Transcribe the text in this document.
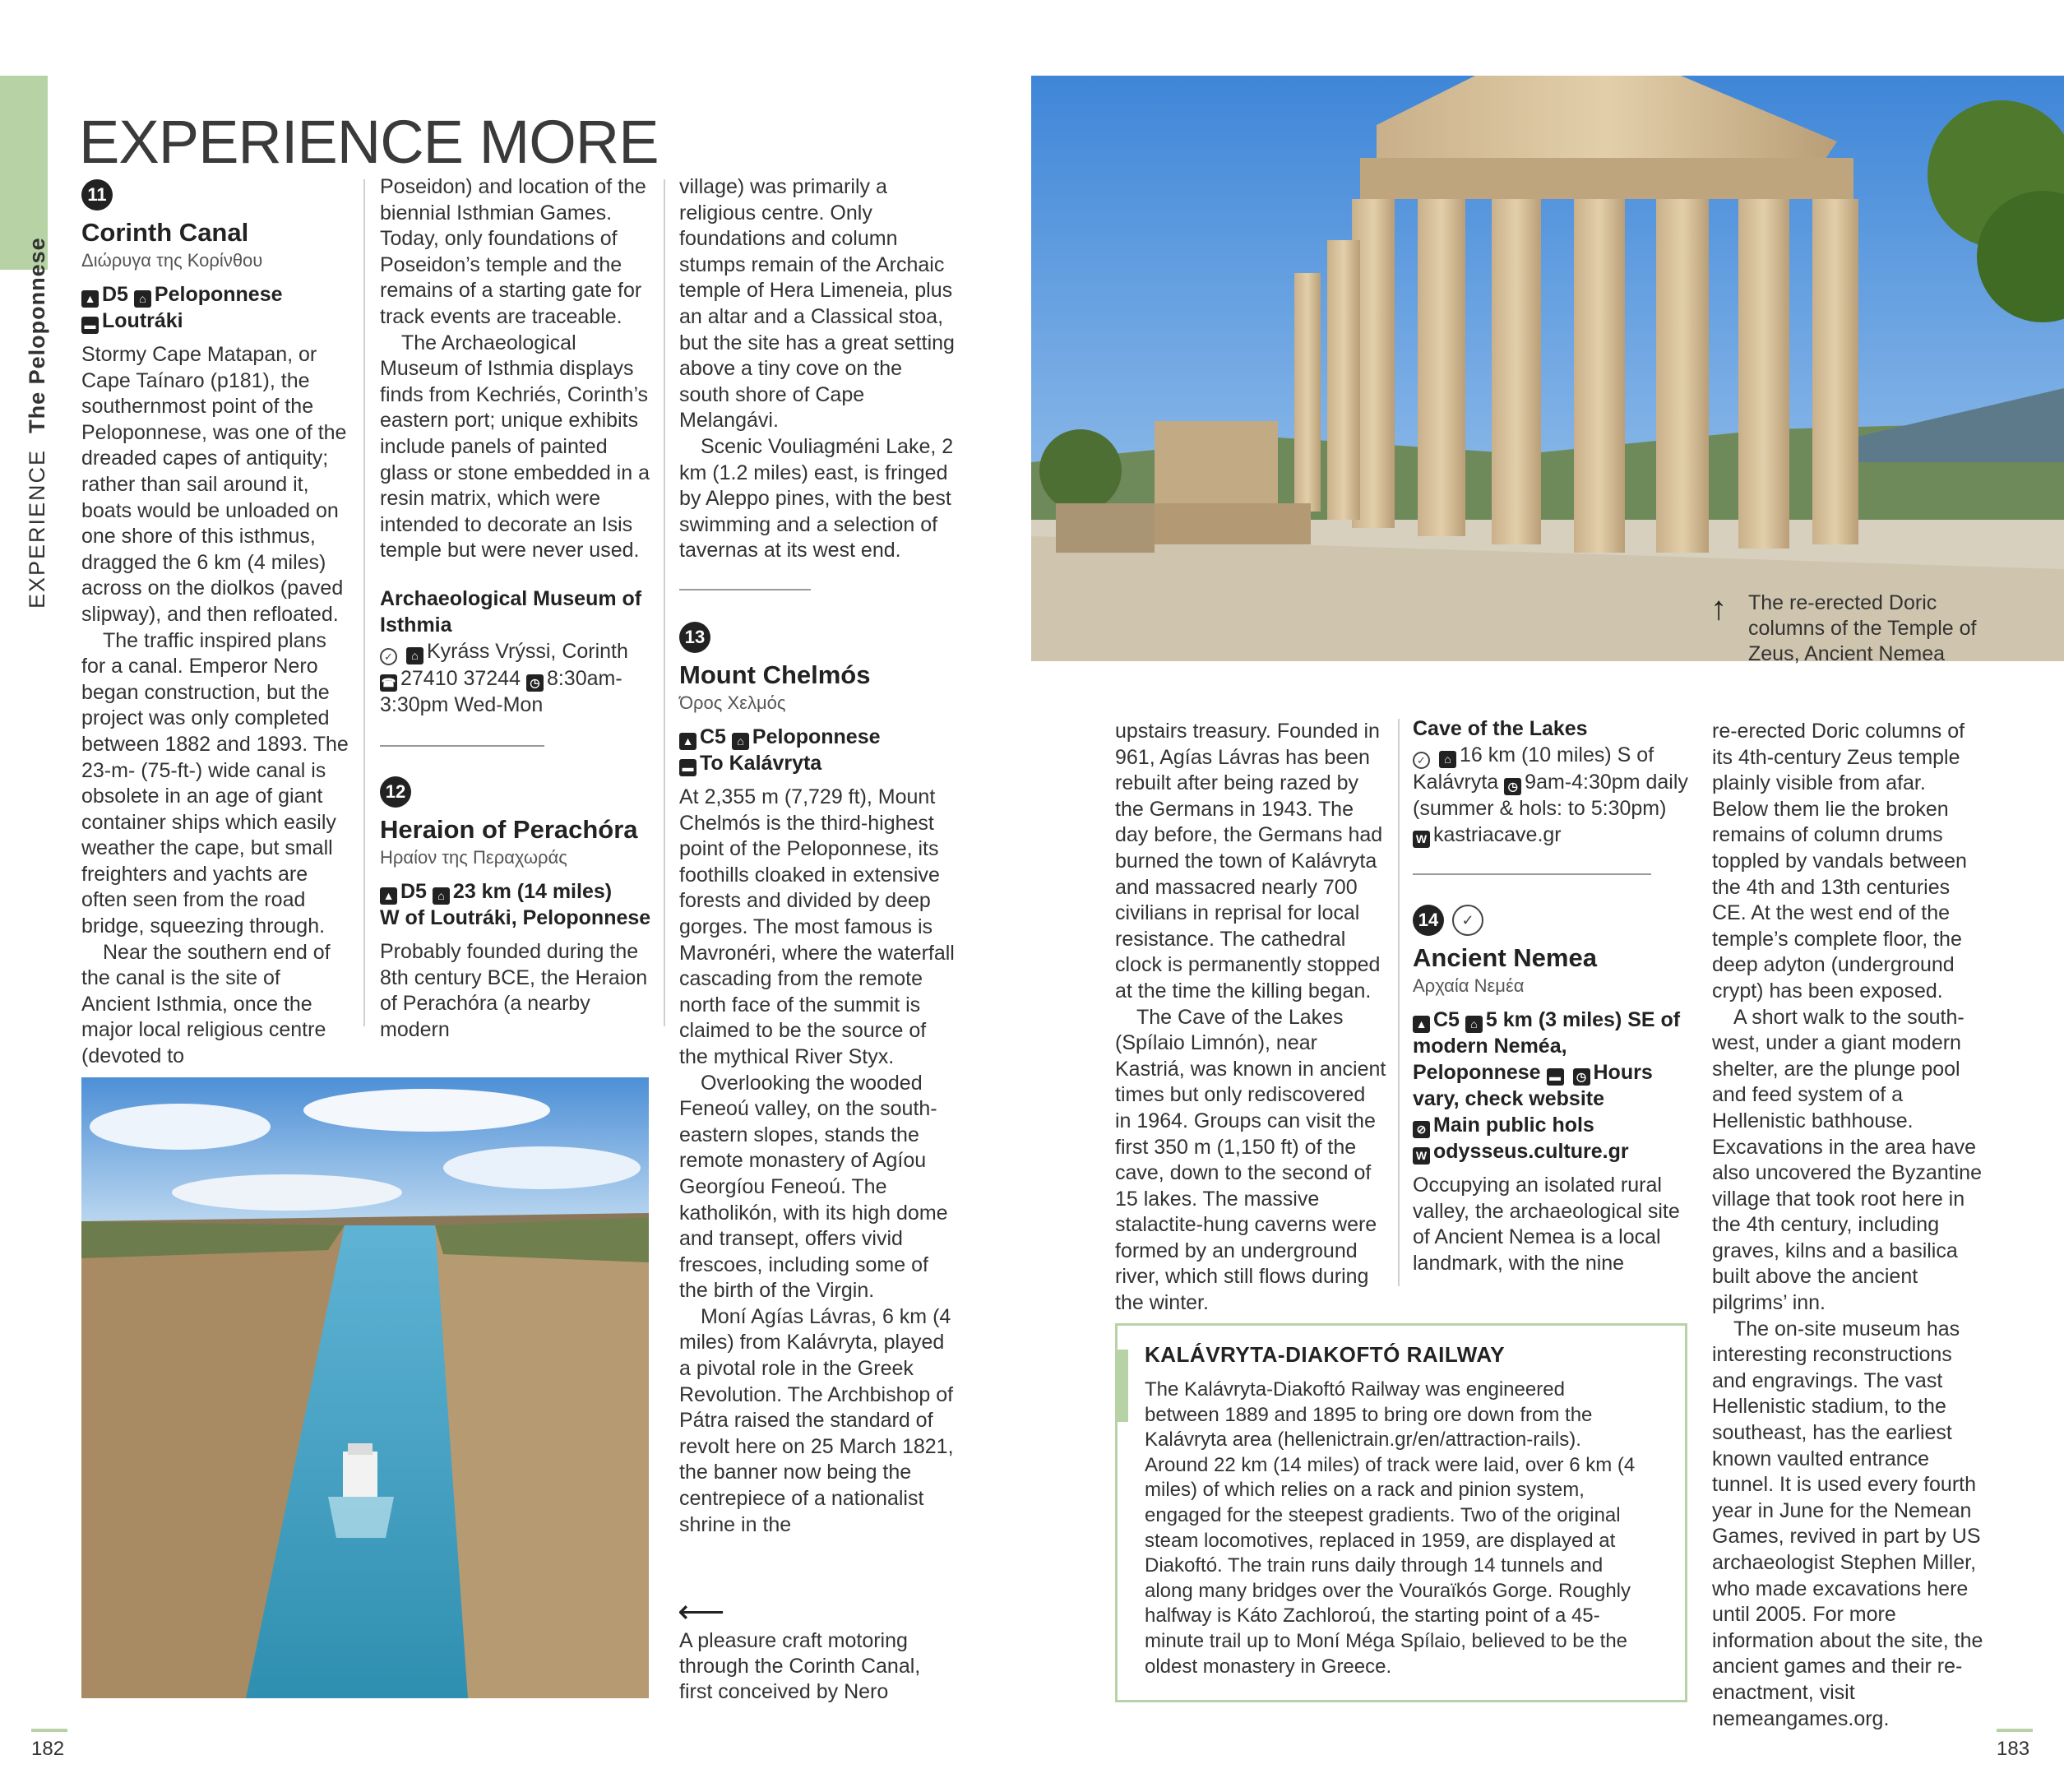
EXPERIENCE  The Peloponnese
EXPERIENCE MORE
11
Corinth Canal
Διώρυγα της Κορίνθου
▲ D5 ⌂ Peloponnese
▬ Loutráki

Stormy Cape Matapan, or Cape Taínaro (p181), the southernmost point of the Peloponnese, was one of the dreaded capes of antiquity; rather than sail around it, boats would be unloaded on one shore of this isthmus, dragged the 6 km (4 miles) across on the diolkos (paved slipway), and then refloated.

The traffic inspired plans for a canal. Emperor Nero began construction, but the project was only completed between 1882 and 1893. The 23-m- (75-ft-) wide canal is obsolete in an age of giant container ships which easily weather the cape, but small freighters and yachts are often seen from the road bridge, squeezing through.

Near the southern end of the canal is the site of Ancient Isthmia, once the major local religious centre (devoted to

Poseidon) and location of the biennial Isthmian Games. Today, only foundations of Poseidon’s temple and the remains of a starting gate for track events are traceable.

The Archaeological Museum of Isthmia displays finds from Kechriés, Corinth’s eastern port; unique exhibits include panels of painted glass or stone embedded in a resin matrix, which were intended to decorate an Isis temple but were never used.

Archaeological Museum of Isthmia
✓ ⌂ Kyráss Vrýssi, Corinth
☎ 27410 37244 ◷ 8:30am-3:30pm Wed-Mon
12
Heraion of Perachóra
Ηραίον της Περαχωράς
▲ D5 ⌂ 23 km (14 miles)
W of Loutráki, Peloponnese

Probably founded during the 8th century BCE, the Heraion of Perachóra (a nearby modern

village) was primarily a religious centre. Only foundations and column stumps remain of the Archaic temple of Hera Limeneia, plus an altar and a Classical stoa, but the site has a great setting above a tiny cove on the south shore of Cape Melangávi.

Scenic Vouliagméni Lake, 2 km (1.2 miles) east, is fringed by Aleppo pines, with the best swimming and a selection of tavernas at its west end.

13
Mount Chelmós
Όρος Χελμός
▲ C5 ⌂ Peloponnese
▬ To Kalávryta

At 2,355 m (7,729 ft), Mount Chelmós is the third-highest point of the Peloponnese, its foothills cloaked in extensive forests and divided by deep gorges. The most famous is Mavronéri, where the waterfall cascading from the remote north face of the summit is claimed to be the source of the mythical River Styx.

Overlooking the wooded Feneoú valley, on the south-eastern slopes, stands the remote monastery of Agíou Georgíou Feneoú. The katholikón, with its high dome and transept, offers vivid frescoes, including some of the birth of the Virgin.

Moní Agías Lávras, 6 km (4 miles) from Kalávryta, played a pivotal role in the Greek Revolution. The Archbishop of Pátra raised the standard of revolt here on 25 March 1821, the banner now being the centrepiece of a nationalist shrine in the

⟵
A pleasure craft motoring through the Corinth Canal, first conceived by Nero
↑ The re-erected Doric columns of the Temple of Zeus, Ancient Nemea

upstairs treasury. Founded in 961, Agías Lávras has been rebuilt after being razed by the Germans in 1943. The day before, the Germans had burned the town of Kalávryta and massacred nearly 700 civilians in reprisal for local resistance. The cathedral clock is permanently stopped at the time the killing began.

The Cave of the Lakes (Spílaio Limnón), near Kastriá, was known in ancient times but only rediscovered in 1964. Groups can visit the first 350 m (1,150 ft) of the cave, down to the second of 15 lakes. The massive stalactite-hung caverns were formed by an underground river, which still flows during the winter.

Cave of the Lakes
✓ ⌂ 16 km (10 miles) S of Kalávryta ◷ 9am-4:30pm daily (summer & hols: to 5:30pm) W kastriacave.gr
14 ✓
Ancient Nemea
Αρχαία Νεμέα
▲ C5 ⌂ 5 km (3 miles) SE of modern Neméa, Peloponnese ▬ ◷ Hours vary, check website
⊘ Main public hols
W odysseus.culture.gr

Occupying an isolated rural valley, the archaeological site of Ancient Nemea is a local landmark, with the nine

re-erected Doric columns of its 4th-century Zeus temple plainly visible from afar. Below them lie the broken remains of column drums toppled by vandals between the 4th and 13th centuries CE. At the west end of the temple’s complete floor, the deep adyton (underground crypt) has been exposed.

A short walk to the south-west, under a giant modern shelter, are the plunge pool and feed system of a Hellenistic bathhouse. Excavations in the area have also uncovered the Byzantine village that took root here in the 4th century, including graves, kilns and a basilica built above the ancient pilgrims’ inn.

The on-site museum has interesting reconstructions and engravings. The vast Hellenistic stadium, to the southeast, has the earliest known vaulted entrance tunnel. It is used every fourth year in June for the Nemean Games, revived in part by US archaeologist Stephen Miller, who made excavations here until 2005. For more information about the site, the ancient games and their re-enactment, visit nemeangames.org.

KALÁVRYTA-DIAKOFTÓ RAILWAY
The Kalávryta-Diakoftó Railway was engineered between 1889 and 1895 to bring ore down from the Kalávryta area (hellenictrain.gr/en/attraction-rails). Around 22 km (14 miles) of track were laid, over 6 km (4 miles) of which relies on a rack and pinion system, engaged for the steepest gradients. Two of the original steam locomotives, replaced in 1959, are displayed at Diakoftó. The train runs daily through 14 tunnels and along many bridges over the Vouraïkós Gorge. Roughly halfway is Káto Zachloroú, the starting point of a 45-minute trail up to Moní Méga Spílaio, believed to be the oldest monastery in Greece.
182	183
